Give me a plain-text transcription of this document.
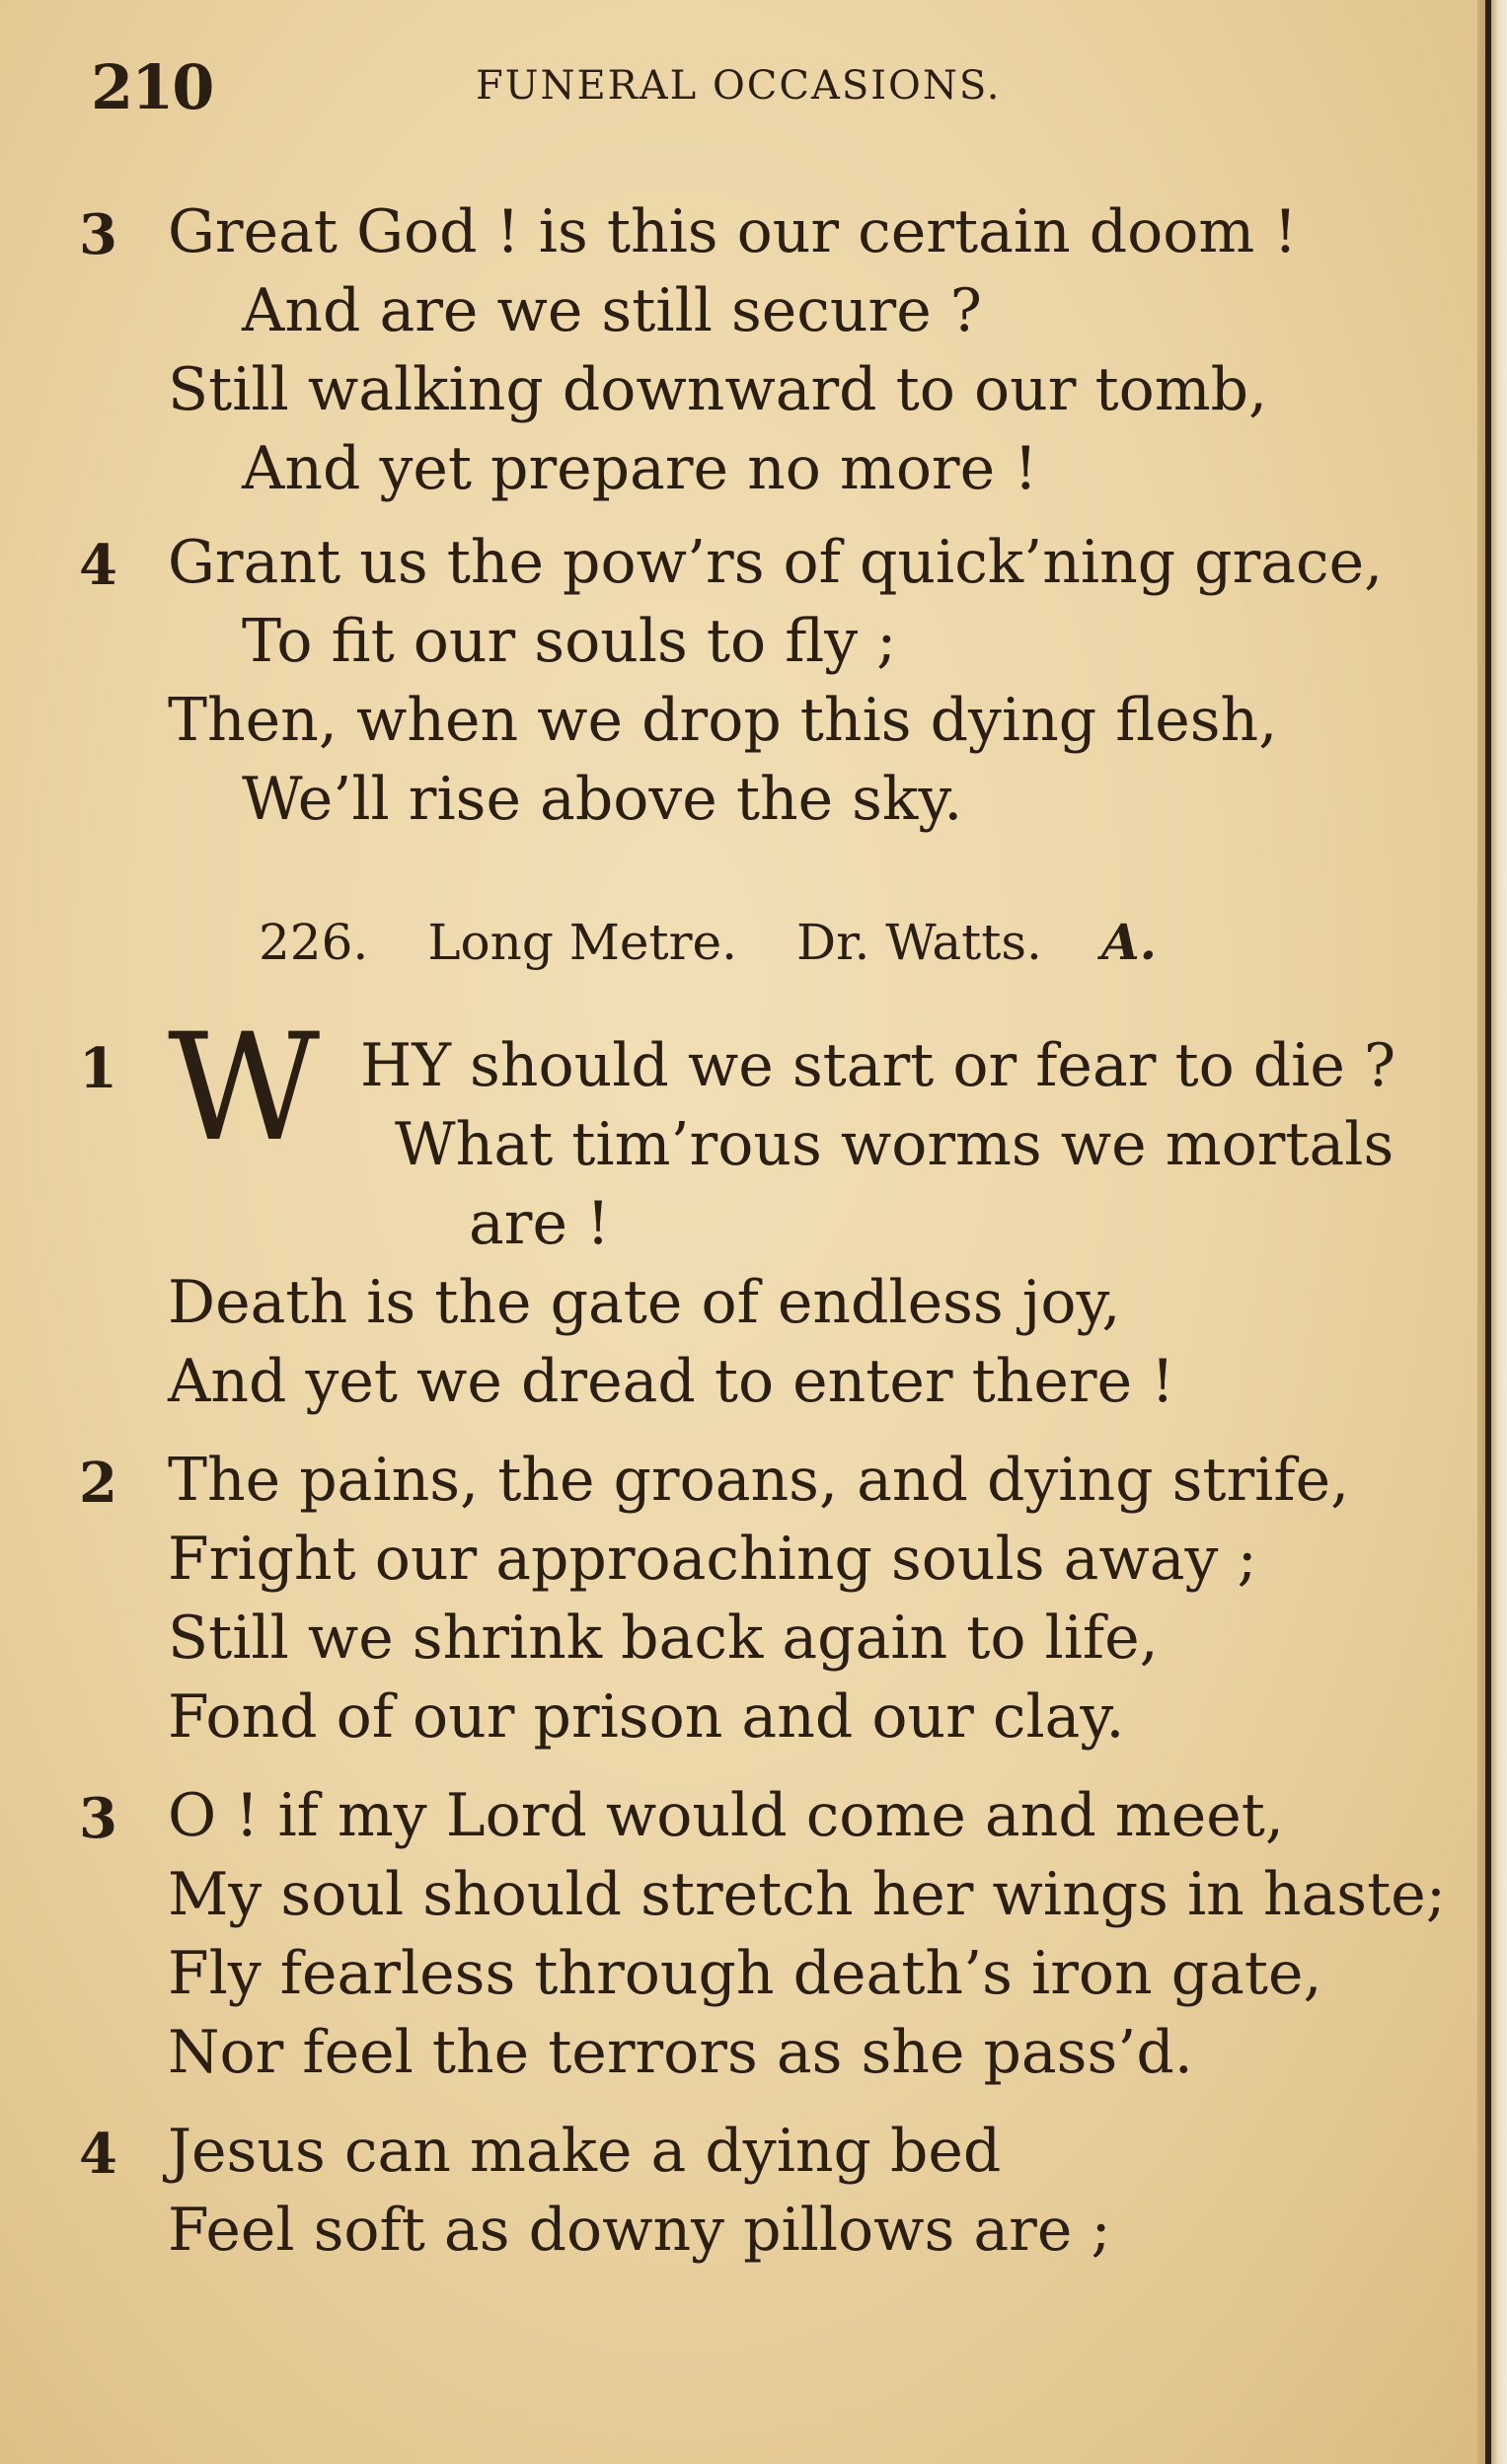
210	FUNERAL OCCASIONS.
3 Great God ! is this our certain doom !
And are we still secure ?
Still walking downward to our tomb,
And yet prepare no more !
4 Grant us the pow’rs of quick’ning grace,
To fit our souls to fly ;
Then, when we drop this dying flesh,
We’ll rise above the sky.
226. Long Metre. Dr. Watts. A.
1 W HY should we start or fear to die ?
What tim’rous worms we mortals
are !
Death is the gate of endless joy,
And yet we dread to enter there !
2 The pains, the groans, and dying strife,
Fright our approaching souls away ;
Still we shrink back again to life,
Fond of our prison and our clay.
3 O ! if my Lord would come and meet,
My soul should stretch her wings in haste;
Fly fearless through death’s iron gate,
Nor feel the terrors as she pass’d.
4 Jesus can make a dying bed
Feel soft as downy pillows are ;
